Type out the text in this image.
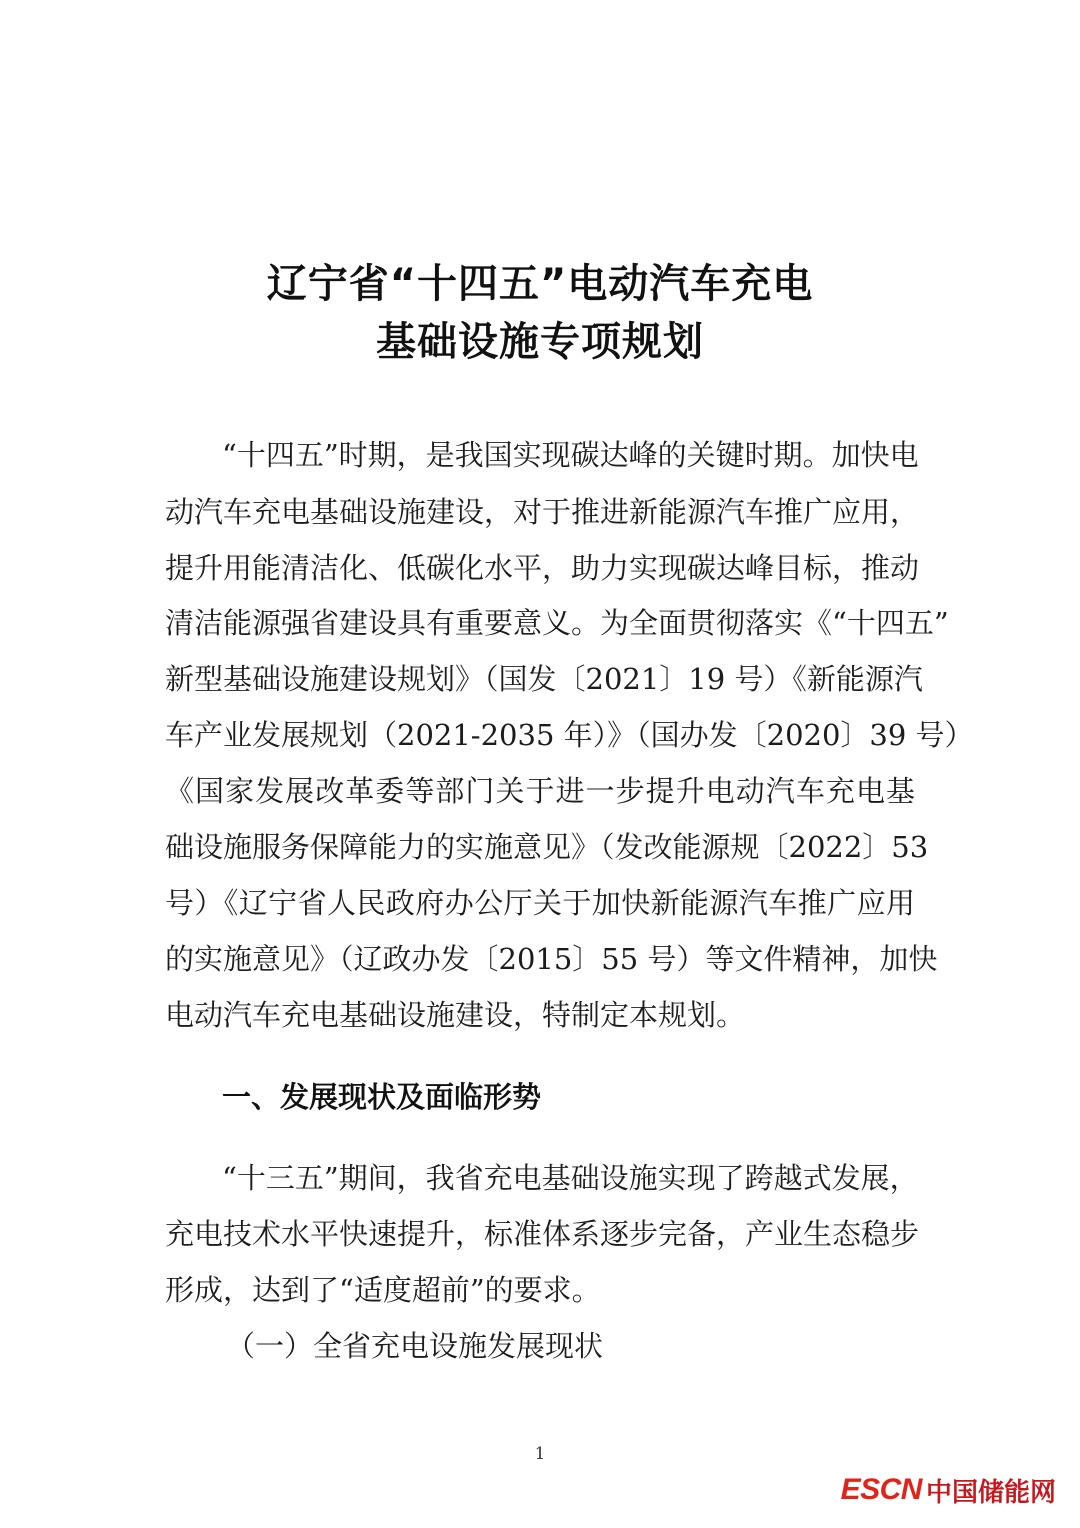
辽宁省“十四五”电动汽车充电
基础设施专项规划
“十四五”时期，是我国实现碳达峰的关键时期。加快电
动汽车充电基础设施建设，对于推进新能源汽车推广应用，
提升用能清洁化、低碳化水平，助力实现碳达峰目标，推动
清洁能源强省建设具有重要意义。为全面贯彻落实《“十四五”
新型基础设施建设规划》（国发〔2021〕19 号）《新能源汽
车产业发展规划（2021-2035 年）》（国办发〔2020〕39 号）
《国家发展改革委等部门关于进一步提升电动汽车充电基
础设施服务保障能力的实施意见》（发改能源规〔2022〕53
号）《辽宁省人民政府办公厅关于加快新能源汽车推广应用
的实施意见》（辽政办发〔2015〕55 号）等文件精神，加快
电动汽车充电基础设施建设，特制定本规划。
一、发展现状及面临形势
“十三五”期间，我省充电基础设施实现了跨越式发展，
充电技术水平快速提升，标准体系逐步完备，产业生态稳步
形成，达到了“适度超前”的要求。
（一）全省充电设施发展现状
1
ESCN 中国储能网
